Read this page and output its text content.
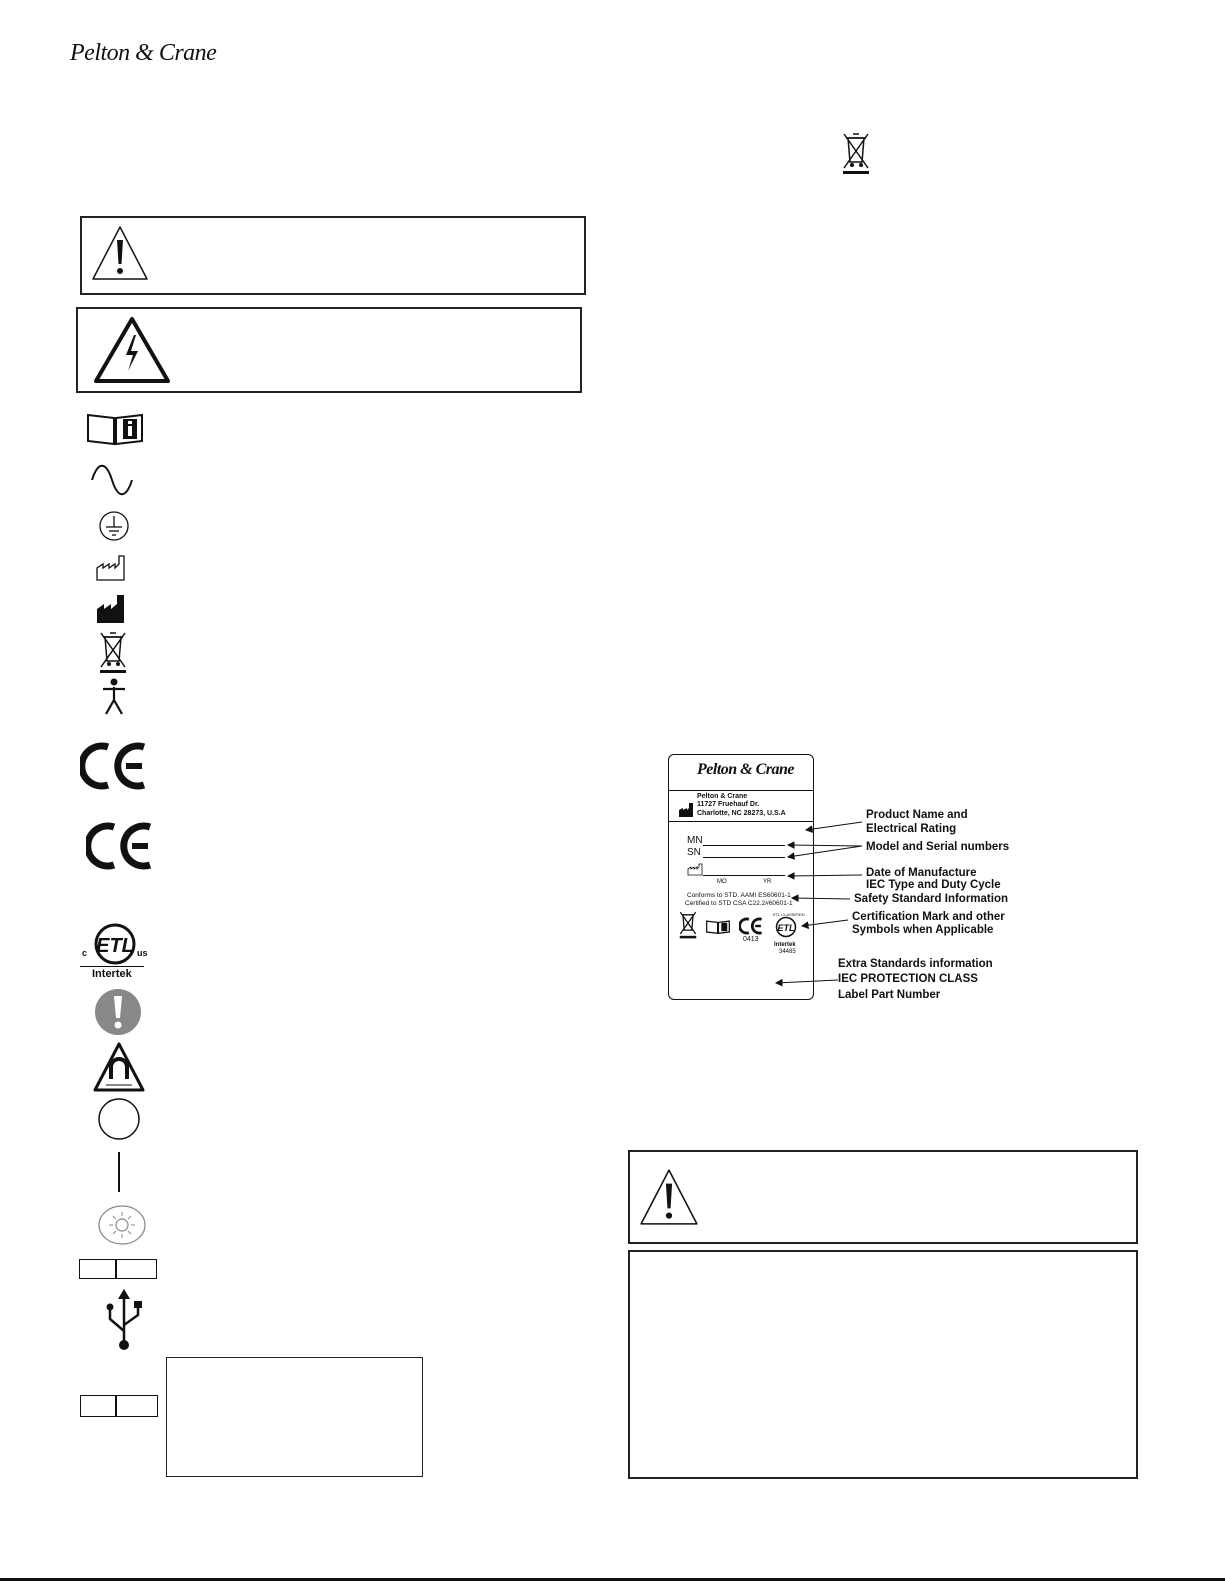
Pelton & Crane
ETL
c	us
Intertek
Pelton & Crane
Pelton & Crane
11727 Fruehauf Dr.
Charlotte, NC 28273, U.S.A
MN
SN
MO	YR
Conforms to STD. AAMI ES60601-1
Certified to STD CSA C22.2#60601-1
0413
ETL CLASSIFIED
ETL
Intertek
34485
Product Name and
Electrical Rating
Model and Serial numbers
Date of Manufacture
IEC Type and Duty Cycle
Safety Standard Information
Certification Mark and other
Symbols when Applicable
Extra Standards information
IEC PROTECTION CLASS
Label Part Number
